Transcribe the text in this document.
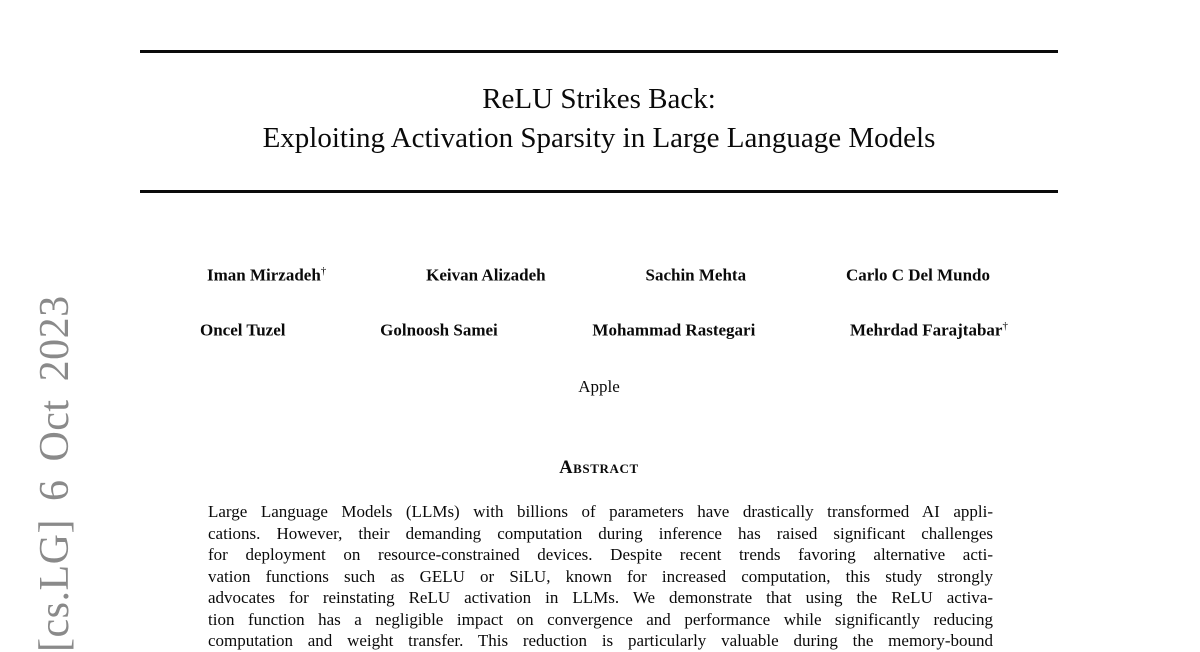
[cs.LG] 6 Oct 2023
ReLU Strikes Back:
Exploiting Activation Sparsity in Large Language Models
Iman Mirzadeh†	Keivan Alizadeh	Sachin Mehta	Carlo C Del Mundo
Oncel Tuzel	Golnoosh Samei	Mohammad Rastegari	Mehrdad Farajtabar†
Apple
Abstract
Large Language Models (LLMs) with billions of parameters have drastically transformed AI appli-
cations. However, their demanding computation during inference has raised significant challenges
for deployment on resource-constrained devices. Despite recent trends favoring alternative acti-
vation functions such as GELU or SiLU, known for increased computation, this study strongly
advocates for reinstating ReLU activation in LLMs. We demonstrate that using the ReLU activa-
tion function has a negligible impact on convergence and performance while significantly reducing
computation and weight transfer. This reduction is particularly valuable during the memory-bound
